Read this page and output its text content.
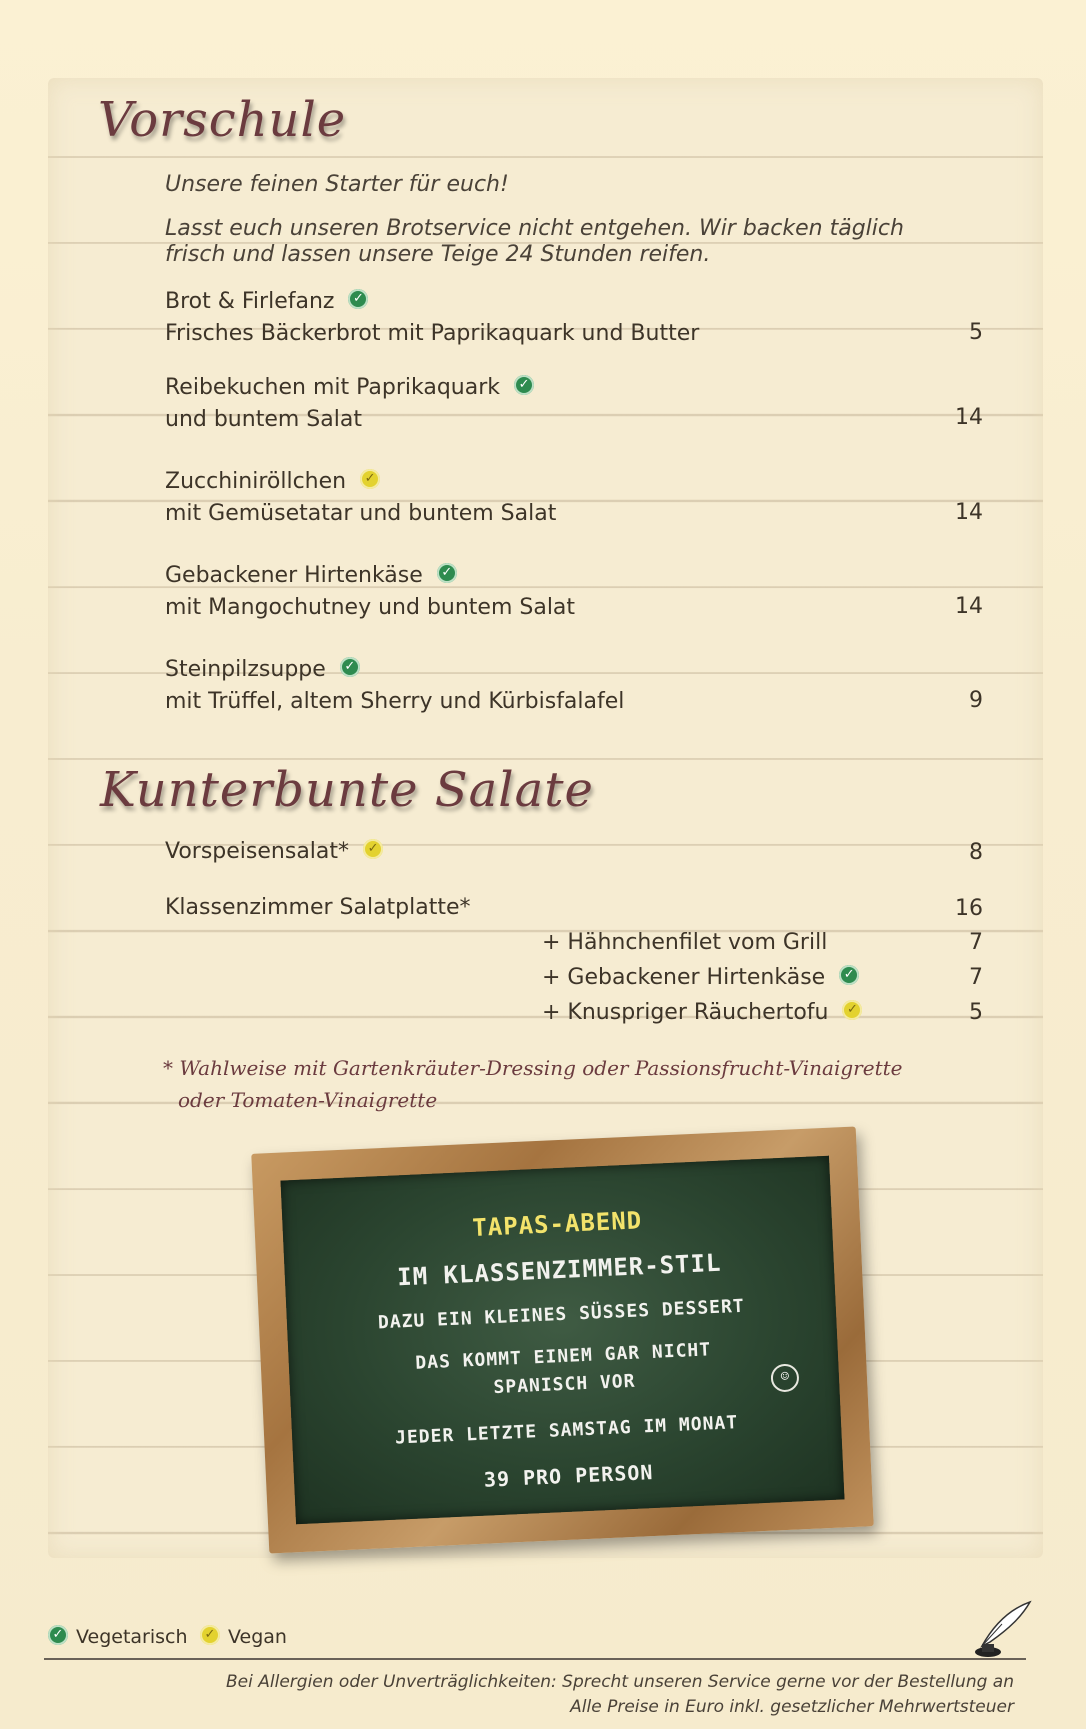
Vorschule
Unsere feinen Starter für euch!
Lasst euch unseren Brotservice nicht entgehen. Wir backen täglich
frisch und lassen unsere Teige 24 Stunden reifen.
Brot & Firlefanz ✓
Frisches Bäckerbrot mit Paprikaquark und Butter	5
Reibekuchen mit Paprikaquark ✓
und buntem Salat	14
Zucchiniröllchen ✓
mit Gemüsetatar und buntem Salat	14
Gebackener Hirtenkäse ✓
mit Mangochutney und buntem Salat	14
Steinpilzsuppe ✓
mit Trüffel, altem Sherry und Kürbisfalafel	9
Kunterbunte Salate
Vorspeisensalat* ✓	8
Klassenzimmer Salatplatte*	16
+ Hähnchenfilet vom Grill	7
+ Gebackener Hirtenkäse ✓	7
+ Knuspriger Räuchertofu ✓	5
* Wahlweise mit Gartenkräuter-Dressing oder Passionsfrucht-Vinaigrette
oder Tomaten-Vinaigrette
TAPAS-ABEND
IM KLASSENZIMMER-STIL
DAZU EIN KLEINES SÜSSES DESSERT
DAS KOMMT EINEM GAR NICHT
SPANISCH VOR	☺
JEDER LETZTE SAMSTAG IM MONAT
39 PRO PERSON
✓ Vegetarisch	✓ Vegan
Bei Allergien oder Unverträglichkeiten: Sprecht unseren Service gerne vor der Bestellung an
Alle Preise in Euro inkl. gesetzlicher Mehrwertsteuer
